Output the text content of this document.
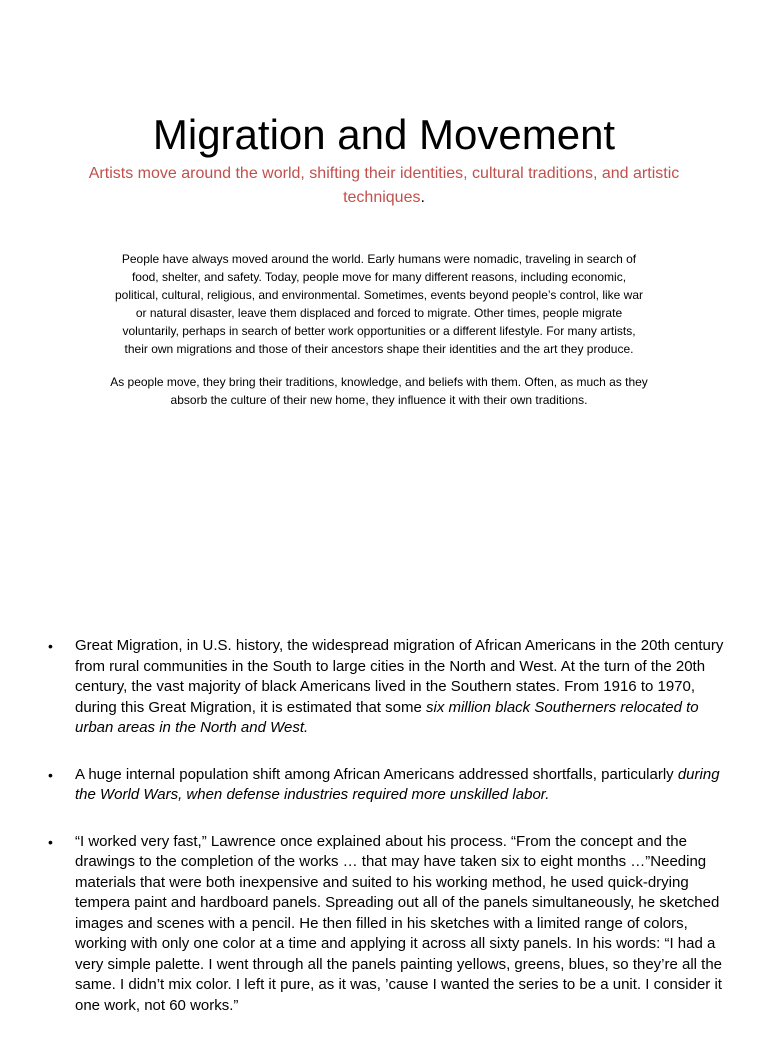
Migration and Movement

Artists move around the world, shifting their identities, cultural traditions, and artistic techniques.

People have always moved around the world. Early humans were nomadic, traveling in search of food, shelter, and safety. Today, people move for many different reasons, including economic, political, cultural, religious, and environmental. Sometimes, events beyond people’s control, like war or natural disaster, leave them displaced and forced to migrate. Other times, people migrate voluntarily, perhaps in search of better work opportunities or a different lifestyle. For many artists, their own migrations and those of their ancestors shape their identities and the art they produce.

As people move, they bring their traditions, knowledge, and beliefs with them. Often, as much as they absorb the culture of their new home, they influence it with their own traditions.

• Great Migration, in U.S. history, the widespread migration of African Americans in the 20th century from rural communities in the South to large cities in the North and West. At the turn of the 20th century, the vast majority of black Americans lived in the Southern states. From 1916 to 1970, during this Great Migration, it is estimated that some six million black Southerners relocated to urban areas in the North and West.
• A huge internal population shift among African Americans addressed shortfalls, particularly during the World Wars, when defense industries required more unskilled labor.
• “I worked very fast,” Lawrence once explained about his process. “From the concept and the drawings to the completion of the works … that may have taken six to eight months …”Needing materials that were both inexpensive and suited to his working method, he used quick-drying tempera paint and hardboard panels. Spreading out all of the panels simultaneously, he sketched images and scenes with a pencil. He then filled in his sketches with a limited range of colors, working with only one color at a time and applying it across all sixty panels. In his words: “I had a very simple palette. I went through all the panels painting yellows, greens, blues, so they’re all the same. I didn’t mix color. I left it pure, as it was, ’cause I wanted the series to be a unit. I consider it one work, not 60 works.”
